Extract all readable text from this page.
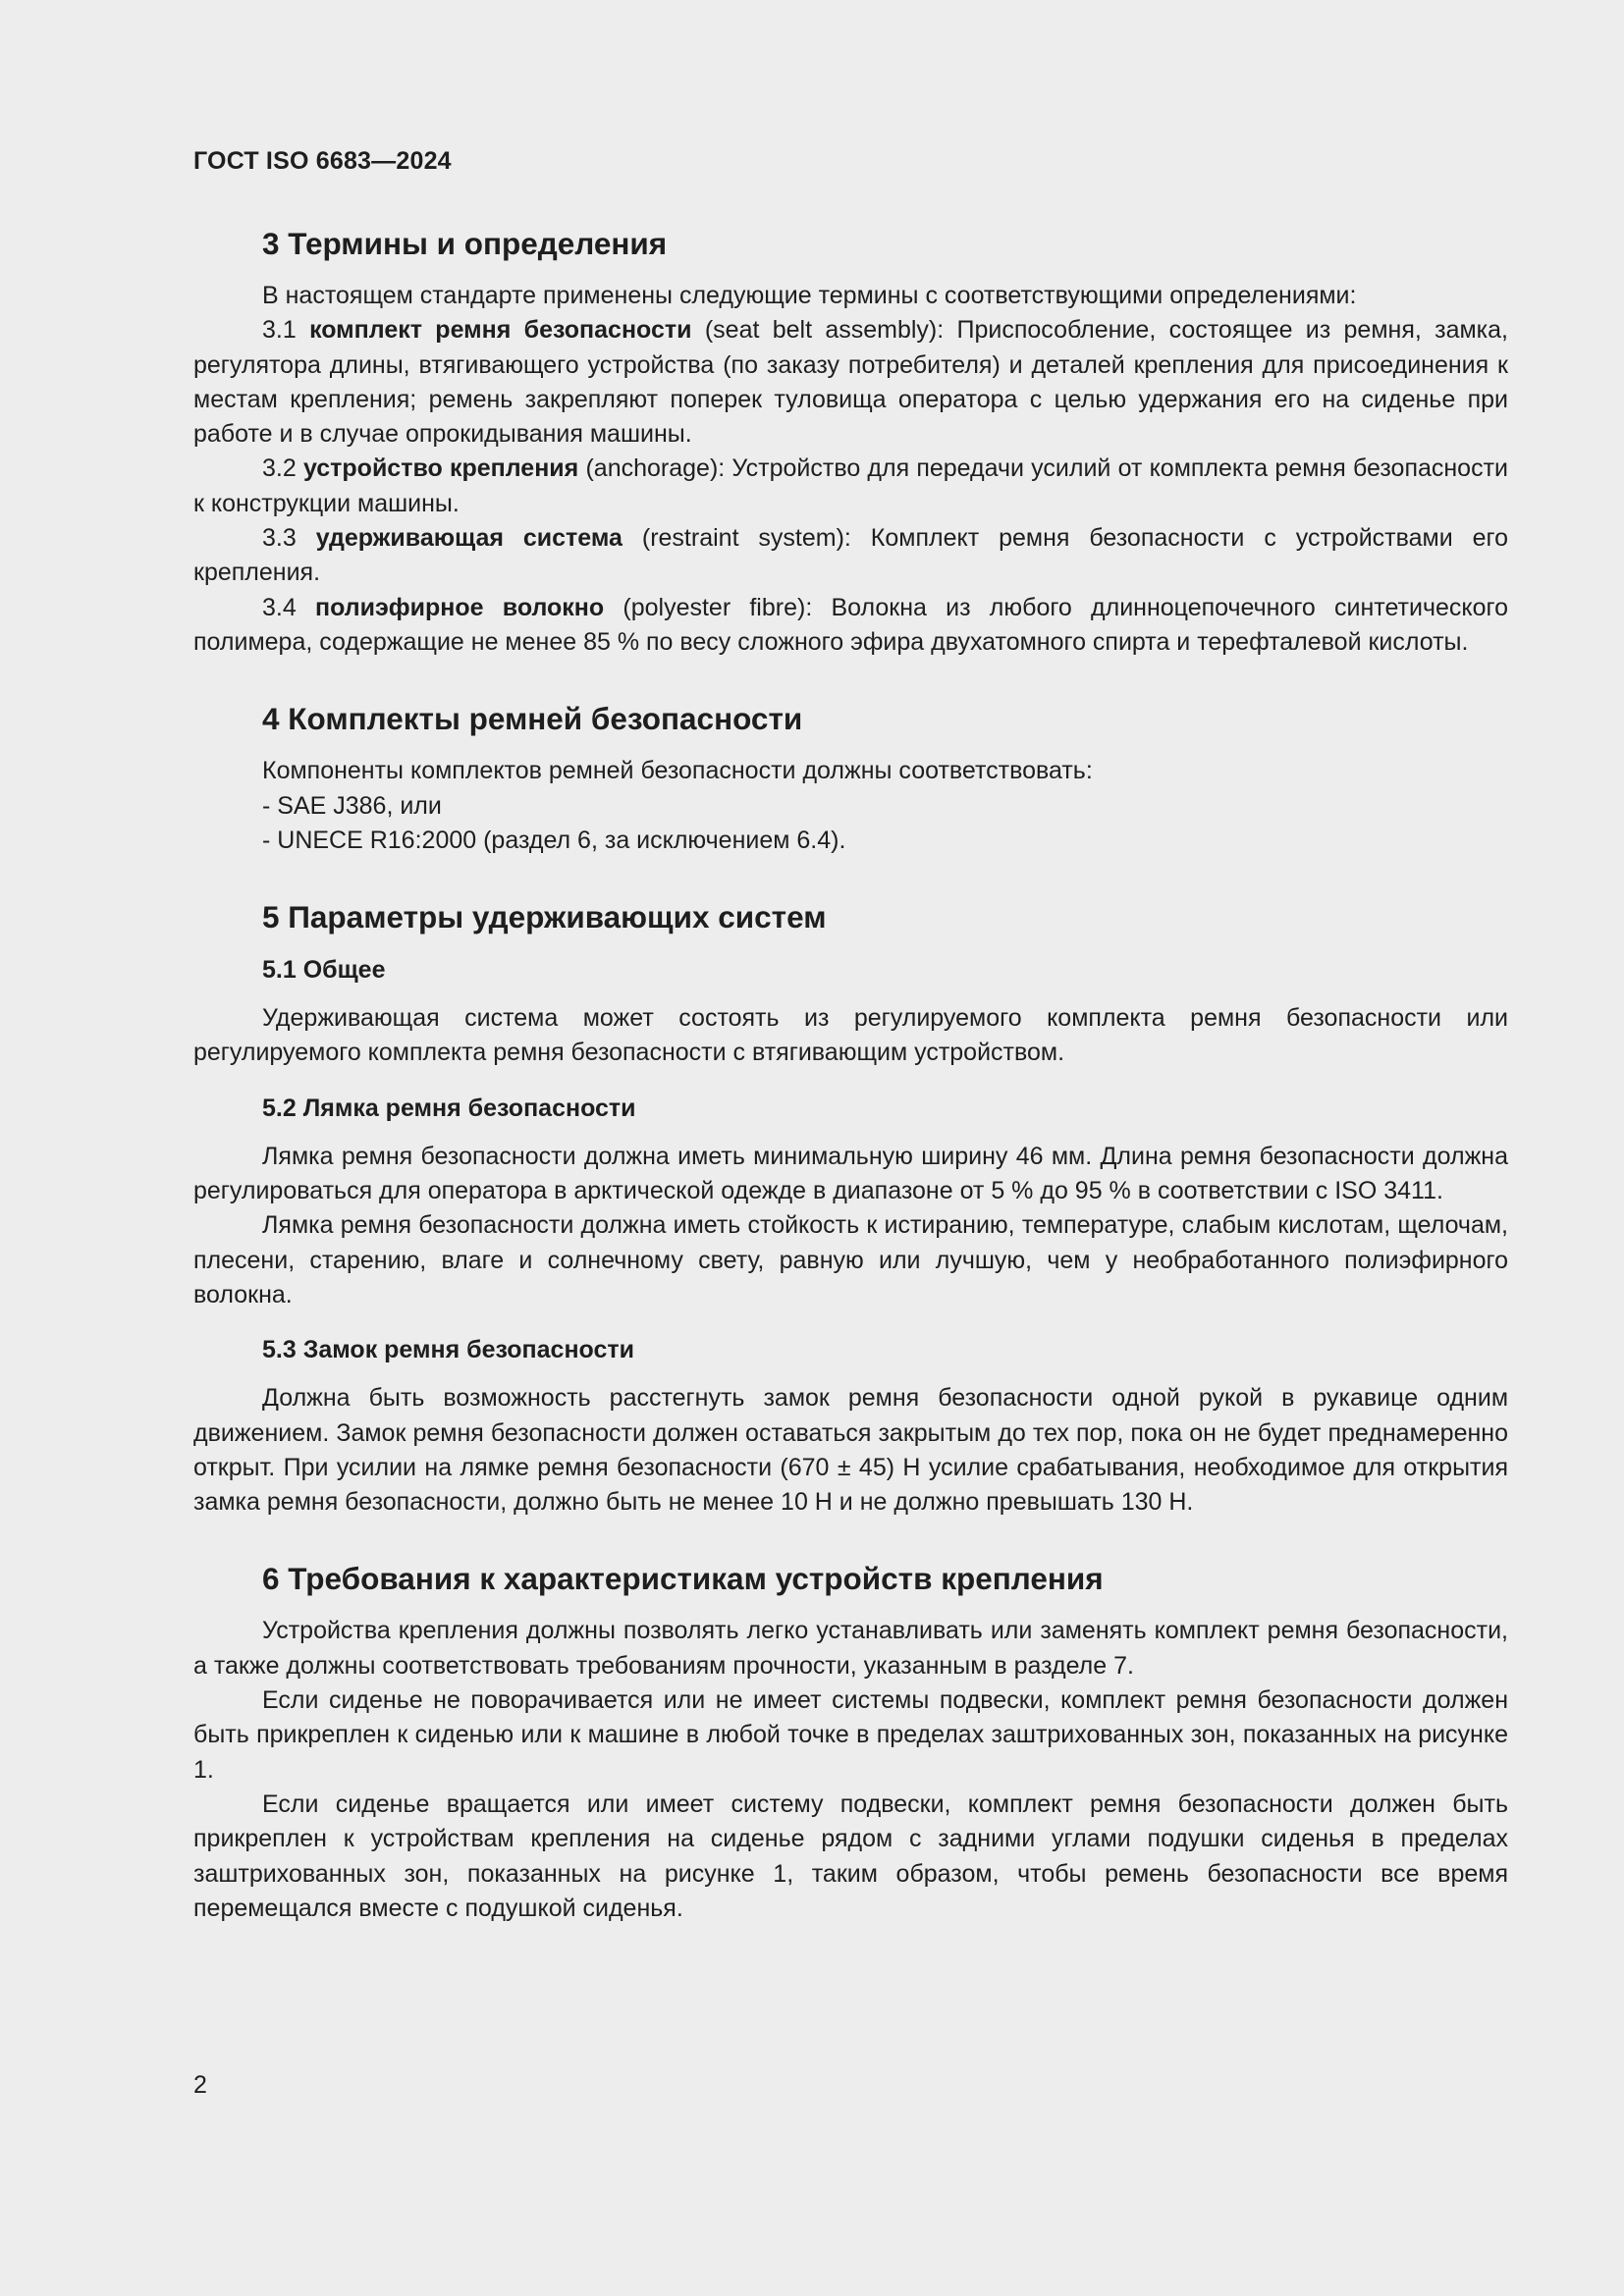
ГОСТ ISO 6683—2024
3 Термины и определения

В настоящем стандарте применены следующие термины с соответствующими определениями:

3.1 комплект ремня безопасности (seat belt assembly): Приспособление, состоящее из ремня, замка, регулятора длины, втягивающего устройства (по заказу потребителя) и деталей крепления для присоединения к местам крепления; ремень закрепляют поперек туловища оператора с целью удержания его на сиденье при работе и в случае опрокидывания машины.

3.2 устройство крепления (anchorage): Устройство для передачи усилий от комплекта ремня безопасности к конструкции машины.

3.3 удерживающая система (restraint system): Комплект ремня безопасности с устройствами его крепления.

3.4 полиэфирное волокно (polyester fibre): Волокна из любого длинноцепочечного синтетического полимера, содержащие не менее 85 % по весу сложного эфира двухатомного спирта и терефталевой кислоты.

4 Комплекты ремней безопасности

Компоненты комплектов ремней безопасности должны соответствовать:

- SAE J386, или

- UNECE R16:2000 (раздел 6, за исключением 6.4).

5 Параметры удерживающих систем
5.1 Общее

Удерживающая система может состоять из регулируемого комплекта ремня безопасности или регулируемого комплекта ремня безопасности с втягивающим устройством.

5.2 Лямка ремня безопасности

Лямка ремня безопасности должна иметь минимальную ширину 46 мм. Длина ремня безопасности должна регулироваться для оператора в арктической одежде в диапазоне от 5 % до 95 % в соответствии с ISO 3411.

Лямка ремня безопасности должна иметь стойкость к истиранию, температуре, слабым кислотам, щелочам, плесени, старению, влаге и солнечному свету, равную или лучшую, чем у необработанного полиэфирного волокна.

5.3 Замок ремня безопасности

Должна быть возможность расстегнуть замок ремня безопасности одной рукой в рукавице одним движением. Замок ремня безопасности должен оставаться закрытым до тех пор, пока он не будет преднамеренно открыт. При усилии на лямке ремня безопасности (670 ± 45) Н усилие срабатывания, необходимое для открытия замка ремня безопасности, должно быть не менее 10 Н и не должно превышать 130 Н.

6 Требования к характеристикам устройств крепления

Устройства крепления должны позволять легко устанавливать или заменять комплект ремня безопасности, а также должны соответствовать требованиям прочности, указанным в разделе 7.

Если сиденье не поворачивается или не имеет системы подвески, комплект ремня безопасности должен быть прикреплен к сиденью или к машине в любой точке в пределах заштрихованных зон, показанных на рисунке 1.

Если сиденье вращается или имеет систему подвески, комплект ремня безопасности должен быть прикреплен к устройствам крепления на сиденье рядом с задними углами подушки сиденья в пределах заштрихованных зон, показанных на рисунке 1, таким образом, чтобы ремень безопасности все время перемещался вместе с подушкой сиденья.

2
